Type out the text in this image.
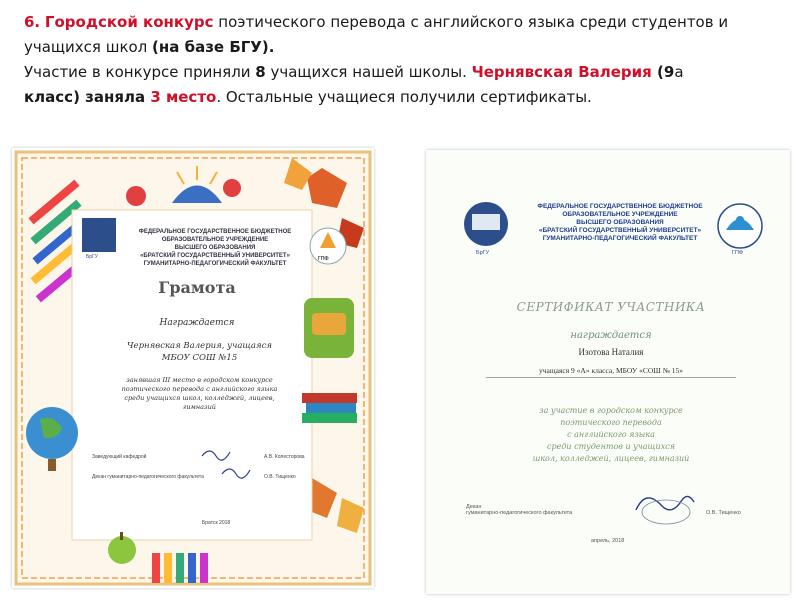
6. Городской конкурс поэтического перевода с английского языка среди студентов и учащихся школ (на базе БГУ).
Участие в конкурсе приняли 8 учащихся нашей школы. Чернявская Валерия (9а
класс) заняла 3 место. Остальные учащиеся получили сертификаты.
ФЕДЕРАЛЬНОЕ ГОСУДАРСТВЕННОЕ БЮДЖЕТНОЕ
ОБРАЗОВАТЕЛЬНОЕ УЧРЕЖДЕНИЕ
ВЫСШЕГО ОБРАЗОВАНИЯ
«БРАТСКИЙ ГОСУДАРСТВЕННЫЙ УНИВЕРСИТЕТ»
ГУМАНИТАРНО-ПЕДАГОГИЧЕСКИЙ ФАКУЛЬТЕТ
БрГУ	ГПФ
Грамота
Награждается
Чернявская Валерия, учащаяся
МБОУ СОШ №15
занявшая III место в городском конкурсе
поэтического перевода с английского языка
среди учащихся школ, колледжей, лицеев, гимназий
Заведующий кафедрой	А.В. Колесторова
Декан гуманитарно-педагогического факультета	О.В. Тищенко
Братск 2018
ФЕДЕРАЛЬНОЕ ГОСУДАРСТВЕННОЕ БЮДЖЕТНОЕ
ОБРАЗОВАТЕЛЬНОЕ УЧРЕЖДЕНИЕ
ВЫСШЕГО ОБРАЗОВАНИЯ
«БРАТСКИЙ ГОСУДАРСТВЕННЫЙ УНИВЕРСИТЕТ»
ГУМАНИТАРНО-ПЕДАГОГИЧЕСКИЙ ФАКУЛЬТЕТ
БрГУ	ГПФ
СЕРТИФИКАТ УЧАСТНИКА
награждается
Изотова Наталия
учащаяся 9 «А» класса, МБОУ «СОШ № 15»
за участие в городском конкурсе
поэтического перевода
с английского языка
среди студентов и учащихся
школ, колледжей, лицеев, гимназий
Декан
гуманитарно-педагогического факультета	О.В. Тищенко
апрель, 2018
